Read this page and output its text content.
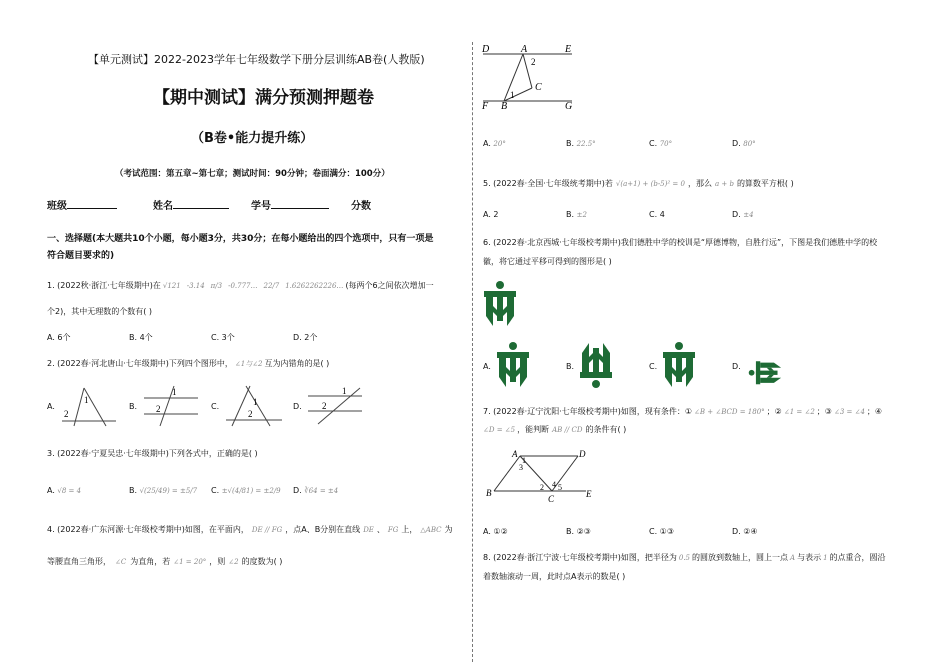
【单元测试】2022-2023学年七年级数学下册分层训练AB卷(人教版)
【期中测试】满分预测押题卷
（B卷•能力提升练）
（考试范围：第五章~第七章；测试时间：90分钟；卷面满分：100分）
班级	姓名	学号	分数
一、选择题(本大题共10个小题，每小题3分，共30分；在每小题给出的四个选项中，只有一项是
符合题目要求的)
1. (2022秋·浙江·七年级期中)在 √121 -3.14 π/3 -0.777… 22/7 1.6262262226… (每两个6之间依次增加一
个2)，其中无理数的个数有( )
A. 6个	B. 4个	C. 3个	D. 2个
2. (2022春·河北唐山·七年级期中)下列四个图形中， ∠1与∠2 互为内错角的是( )
A.	B.	C.	D.
1
2
1
2
1
2
1
2
3. (2022春·宁夏吴忠·七年级期中)下列各式中，正确的是( )
A. √8 = 4	B. √(25/49) = ±5/7 C. ±√(4/81) = ±2/9 D. ∛64 = ±4
4. (2022春·广东河源·七年级校考期中)如图，在平面内， DE // FG ，点A、B分别在直线 DE 、 FG 上， △ABC 为
等腰直角三角形， ∠C 为直角，若 ∠1 = 20° ，则 ∠2 的度数为( )
D	A	E
F B	G
C
1
2
A. 20°	B. 22.5°	C. 70°	D. 80°
5. (2022春·全国·七年级统考期中)若 √(a+1) + (b-5)² = 0 ，那么 a + b 的算数平方根( )
A. 2	B. ±2	C. 4	D. ±4
6. (2022春·北京西城·七年级校考期中)我们德胜中学的校训是“厚德博物，自胜行远”，下图是我们德胜中学的校
徽，将它通过平移可得到的图形是( )
A.	B.	C.	D.
7. (2022春·辽宁沈阳·七年级校考期中)如图，现有条件：① ∠B + ∠BCD = 180° ；② ∠1 = ∠2 ；③ ∠3 = ∠4 ；④
∠D = ∠5 ，能判断 AB // CD 的条件有( )
A	D
B
C	E
1
2
3
4 5
A. ①②	B. ②③	C. ①③	D. ②④
8. (2022春·浙江宁波·七年级校考期中)如图，把半径为 0.5 的圆放到数轴上，圆上一点 A 与表示 1 的点重合，圆沿
着数轴滚动一周，此时点A表示的数是( )
